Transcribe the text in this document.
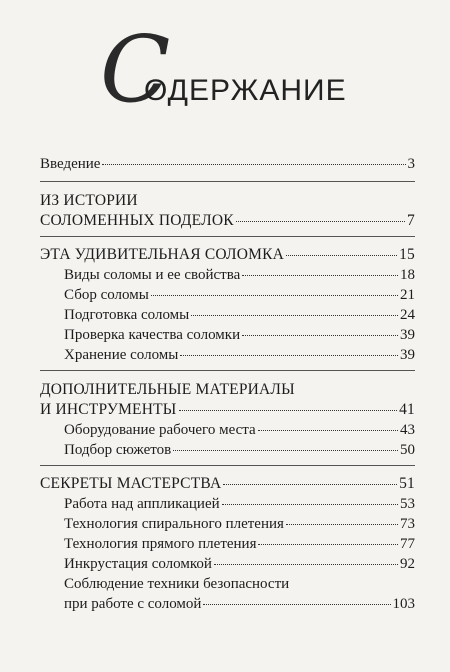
С
ОДЕРЖАНИЕ
Введение	3
ИЗ ИСТОРИИ
СОЛОМЕННЫХ ПОДЕЛОК	7
ЭТА УДИВИТЕЛЬНАЯ СОЛОМКА	15
Виды соломы и ее свойства	18
Сбор соломы	21
Подготовка соломы	24
Проверка качества соломки	39
Хранение соломы	39
ДОПОЛНИТЕЛЬНЫЕ МАТЕРИАЛЫ
И ИНСТРУМЕНТЫ	41
Оборудование рабочего места	43
Подбор сюжетов	50
СЕКРЕТЫ МАСТЕРСТВА	51
Работа над аппликацией	53
Технология спирального плетения	73
Технология прямого плетения	77
Инкрустация соломкой	92
Соблюдение техники безопасности
при работе с соломой	103
